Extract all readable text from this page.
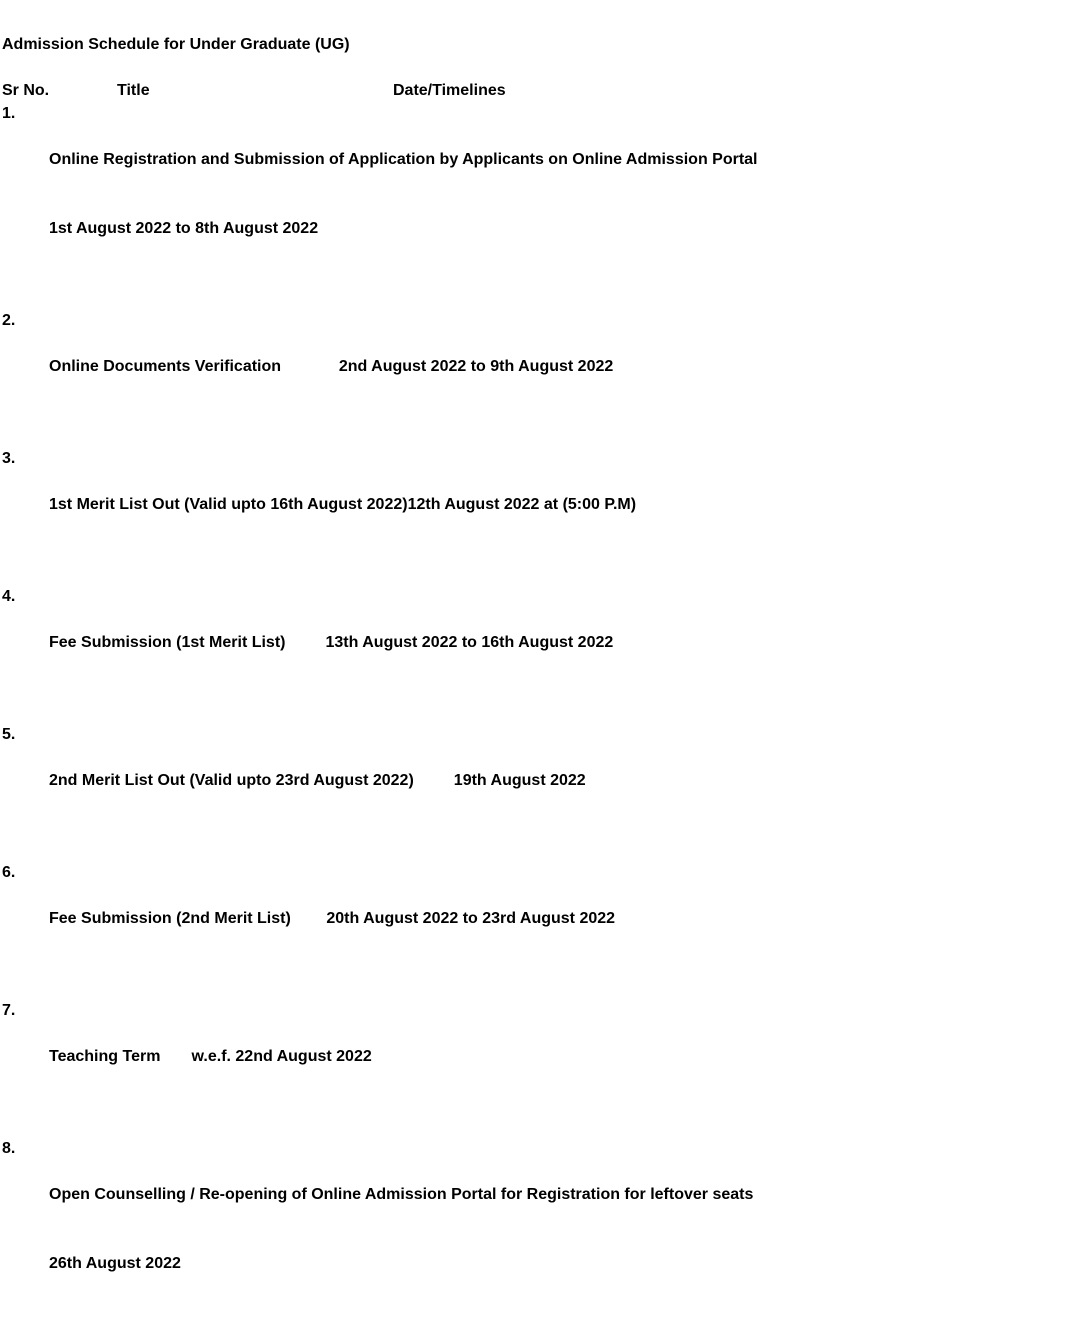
Admission Schedule for Under Graduate (UG)
Sr No.	Title	Date/Timelines
1.

Online Registration and Submission of Application by Applicants on Online Admission Portal

1st August 2022 to 8th August 2022

2.

Online Documents Verification             2nd August 2022 to 9th August 2022

3.

1st Merit List Out (Valid upto 16th August 2022)12th August 2022 at (5:00 P.M)

4.

Fee Submission (1st Merit List)         13th August 2022 to 16th August 2022

5.

2nd Merit List Out (Valid upto 23rd August 2022)         19th August 2022

6.

Fee Submission (2nd Merit List)        20th August 2022 to 23rd August 2022

7.

Teaching Term       w.e.f. 22nd August 2022

8.

Open Counselling / Re-opening of Online Admission Portal for Registration for leftover seats

26th August 2022
